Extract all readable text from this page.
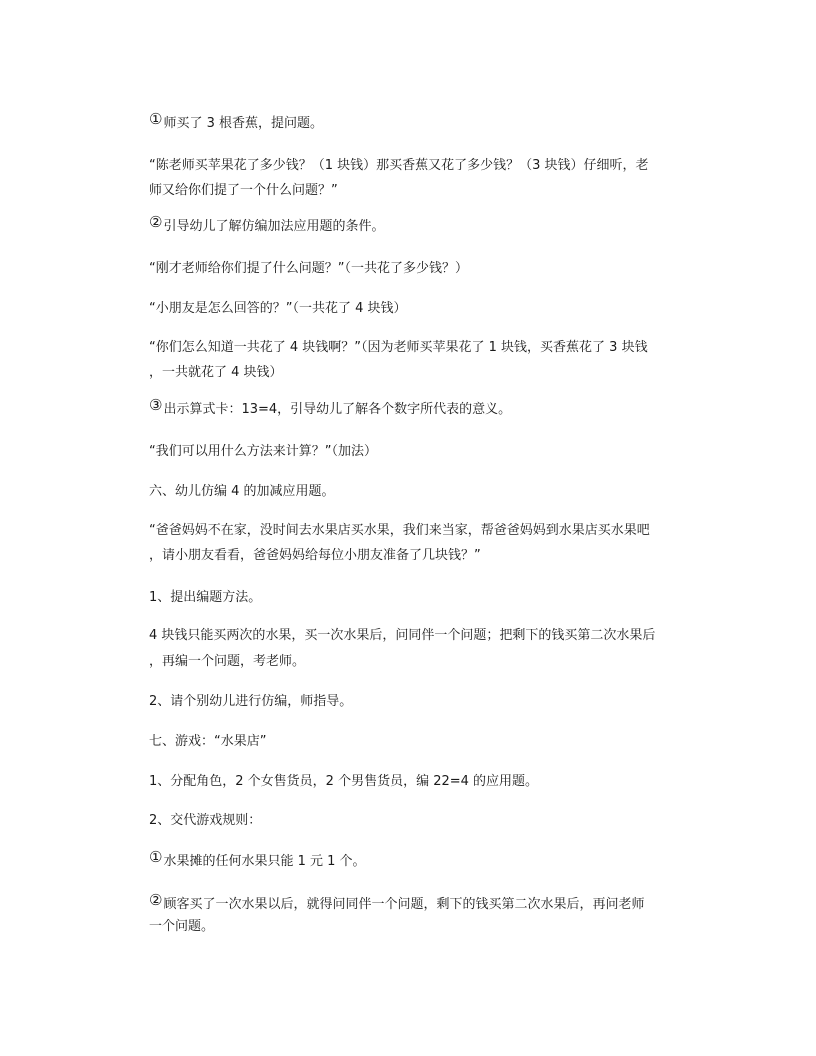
①师买了 3 根香蕉，提问题。
“陈老师买苹果花了多少钱？（1 块钱）那买香蕉又花了多少钱？（3 块钱）仔细听，老
师又给你们提了一个什么问题？”
②引导幼儿了解仿编加法应用题的条件。
“刚才老师给你们提了什么问题？”（一共花了多少钱？）
“小朋友是怎么回答的？”（一共花了 4 块钱）
“你们怎么知道一共花了 4 块钱啊？”（因为老师买苹果花了 1 块钱，买香蕉花了 3 块钱
，一共就花了 4 块钱）
③出示算式卡：13=4，引导幼儿了解各个数字所代表的意义。
“我们可以用什么方法来计算？”（加法）
六、幼儿仿编 4 的加减应用题。
“爸爸妈妈不在家，没时间去水果店买水果，我们来当家，帮爸爸妈妈到水果店买水果吧
，请小朋友看看，爸爸妈妈给每位小朋友准备了几块钱？”
1、提出编题方法。
4 块钱只能买两次的水果，买一次水果后，问同伴一个问题；把剩下的钱买第二次水果后
，再编一个问题，考老师。
2、请个别幼儿进行仿编，师指导。
七、游戏：“水果店”
1、分配角色，2 个女售货员，2 个男售货员，编 22=4 的应用题。
2、交代游戏规则：
①水果摊的任何水果只能 1 元 1 个。
②顾客买了一次水果以后，就得问同伴一个问题，剩下的钱买第二次水果后，再问老师
一个问题。
